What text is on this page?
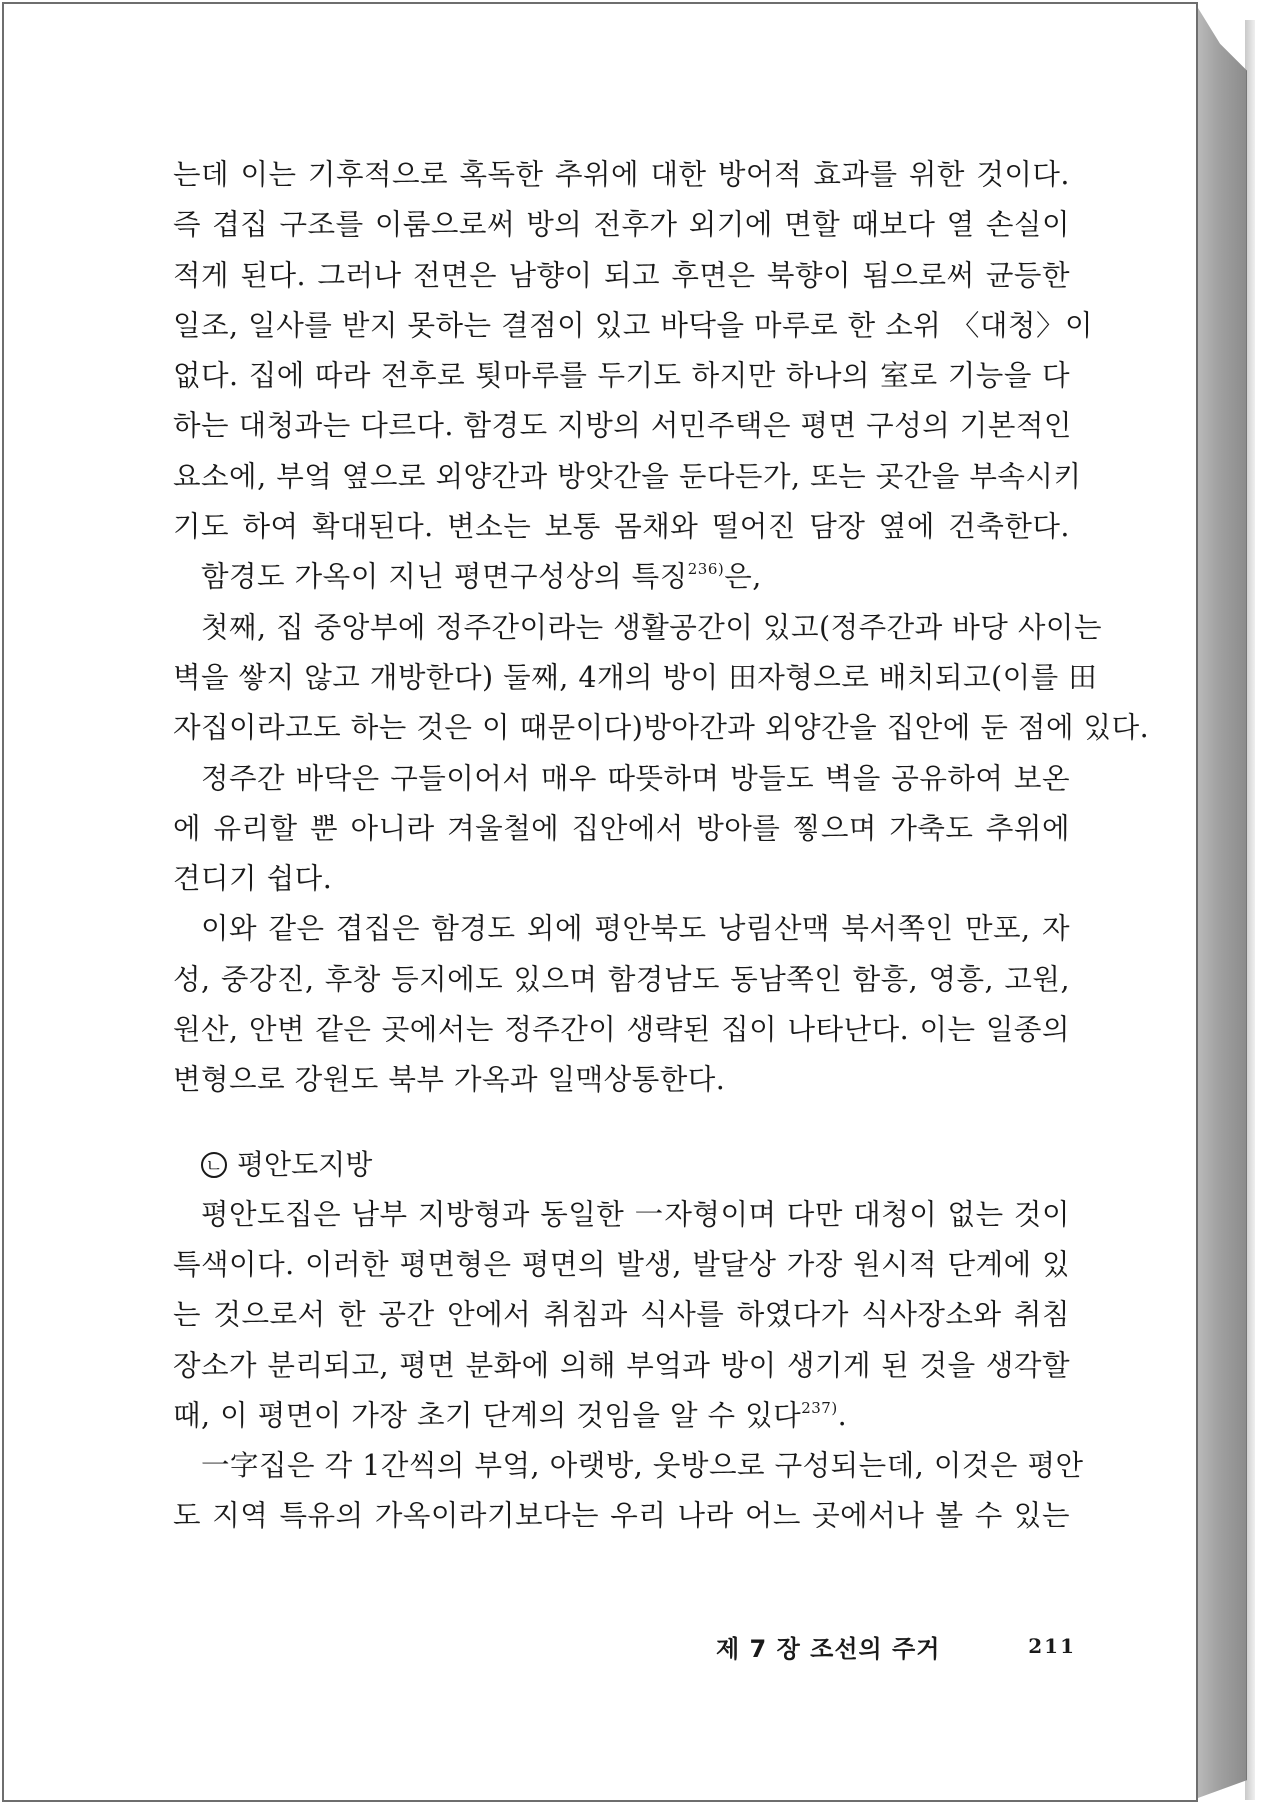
는데 이는 기후적으로 혹독한 추위에 대한 방어적 효과를 위한 것이다.
즉 겹집 구조를 이룸으로써 방의 전후가 외기에 면할 때보다 열 손실이
적게 된다. 그러나 전면은 남향이 되고 후면은 북향이 됨으로써 균등한
일조, 일사를 받지 못하는 결점이 있고 바닥을 마루로 한 소위 〈대청〉이
없다. 집에 따라 전후로 툇마루를 두기도 하지만 하나의 室로 기능을 다
하는 대청과는 다르다. 함경도 지방의 서민주택은 평면 구성의 기본적인
요소에, 부엌 옆으로 외양간과 방앗간을 둔다든가, 또는 곳간을 부속시키
기도 하여 확대된다. 변소는 보통 몸채와 떨어진 담장 옆에 건축한다.
함경도 가옥이 지닌 평면구성상의 특징$^{236)}$은,
첫째, 집 중앙부에 정주간이라는 생활공간이 있고(정주간과 바당 사이는
벽을 쌓지 않고 개방한다) 둘째, 4개의 방이 田자형으로 배치되고(이를 田
자집이라고도 하는 것은 이 때문이다)방아간과 외양간을 집안에 둔 점에 있다.
정주간 바닥은 구들이어서 매우 따뜻하며 방들도 벽을 공유하여 보온
에 유리할 뿐 아니라 겨울철에 집안에서 방아를 찧으며 가축도 추위에
견디기 쉽다.
이와 같은 겹집은 함경도 외에 평안북도 낭림산맥 북서쪽인 만포, 자
성, 중강진, 후창 등지에도 있으며 함경남도 동남쪽인 함흥, 영흥, 고원,
원산, 안변 같은 곳에서는 정주간이 생략된 집이 나타난다. 이는 일종의
변형으로 강원도 북부 가옥과 일맥상통한다.
ㄴ 평안도지방
평안도집은 남부 지방형과 동일한 一자형이며 다만 대청이 없는 것이
특색이다. 이러한 평면형은 평면의 발생, 발달상 가장 원시적 단계에 있
는 것으로서 한 공간 안에서 취침과 식사를 하였다가 식사장소와 취침
장소가 분리되고, 평면 분화에 의해 부엌과 방이 생기게 된 것을 생각할
때, 이 평면이 가장 초기 단계의 것임을 알 수 있다$^{237)}$.
一字집은 각 1간씩의 부엌, 아랫방, 웃방으로 구성되는데, 이것은 평안
도 지역 특유의 가옥이라기보다는 우리 나라 어느 곳에서나 볼 수 있는
제 7 장 조선의 주거	211
